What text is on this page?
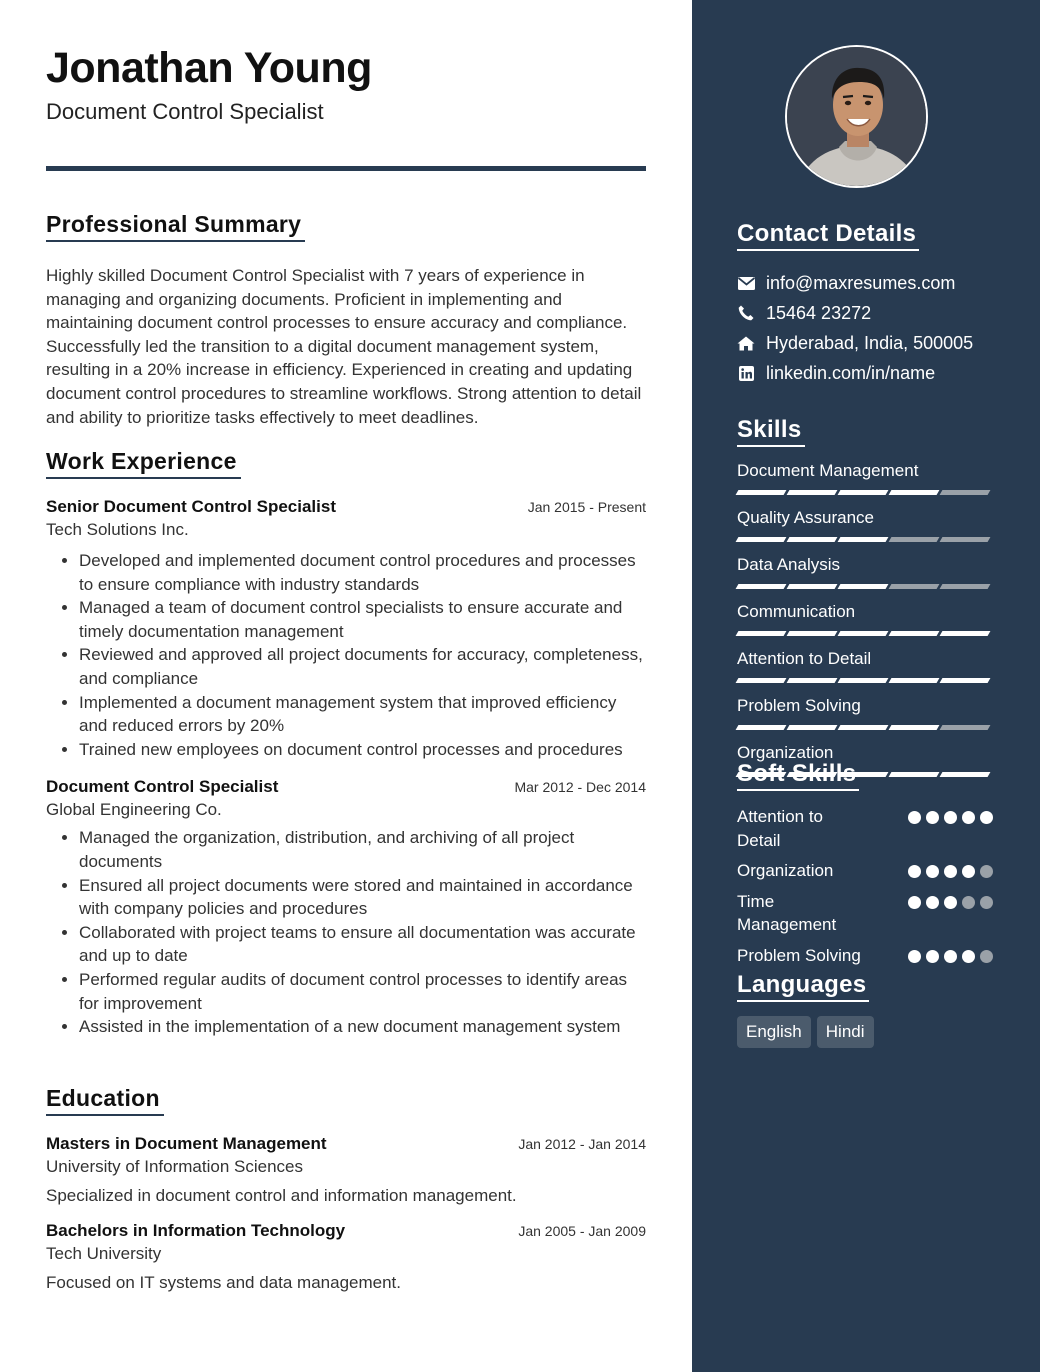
Jonathan Young
Document Control Specialist
Professional Summary
Highly skilled Document Control Specialist with 7 years of experience in managing and organizing documents. Proficient in implementing and maintaining document control processes to ensure accuracy and compliance. Successfully led the transition to a digital document management system, resulting in a 20% increase in efficiency. Experienced in creating and updating document control procedures to streamline workflows. Strong attention to detail and ability to prioritize tasks effectively to meet deadlines.
Work Experience
Senior Document Control Specialist	Jan 2015 - Present
Tech Solutions Inc.
• Developed and implemented document control procedures and processes to ensure compliance with industry standards
• Managed a team of document control specialists to ensure accurate and timely documentation management
• Reviewed and approved all project documents for accuracy, completeness, and compliance
• Implemented a document management system that improved efficiency and reduced errors by 20%
• Trained new employees on document control processes and procedures
Document Control Specialist	Mar 2012 - Dec 2014
Global Engineering Co.
• Managed the organization, distribution, and archiving of all project documents
• Ensured all project documents were stored and maintained in accordance with company policies and procedures
• Collaborated with project teams to ensure all documentation was accurate and up to date
• Performed regular audits of document control processes to identify areas for improvement
• Assisted in the implementation of a new document management system
Education
Masters in Document Management	Jan 2012 - Jan 2014
University of Information Sciences
Specialized in document control and information management.
Bachelors in Information Technology	Jan 2005 - Jan 2009
Tech University
Focused on IT systems and data management.
Contact Details
info@maxresumes.com
15464 23272
Hyderabad, India, 500005
linkedin.com/in/name
Skills
Document Management
Quality Assurance
Data Analysis
Communication
Attention to Detail
Problem Solving
Organization
Soft Skills
Attention to Detail
Organization
Time Management
Problem Solving
Languages
English	Hindi
